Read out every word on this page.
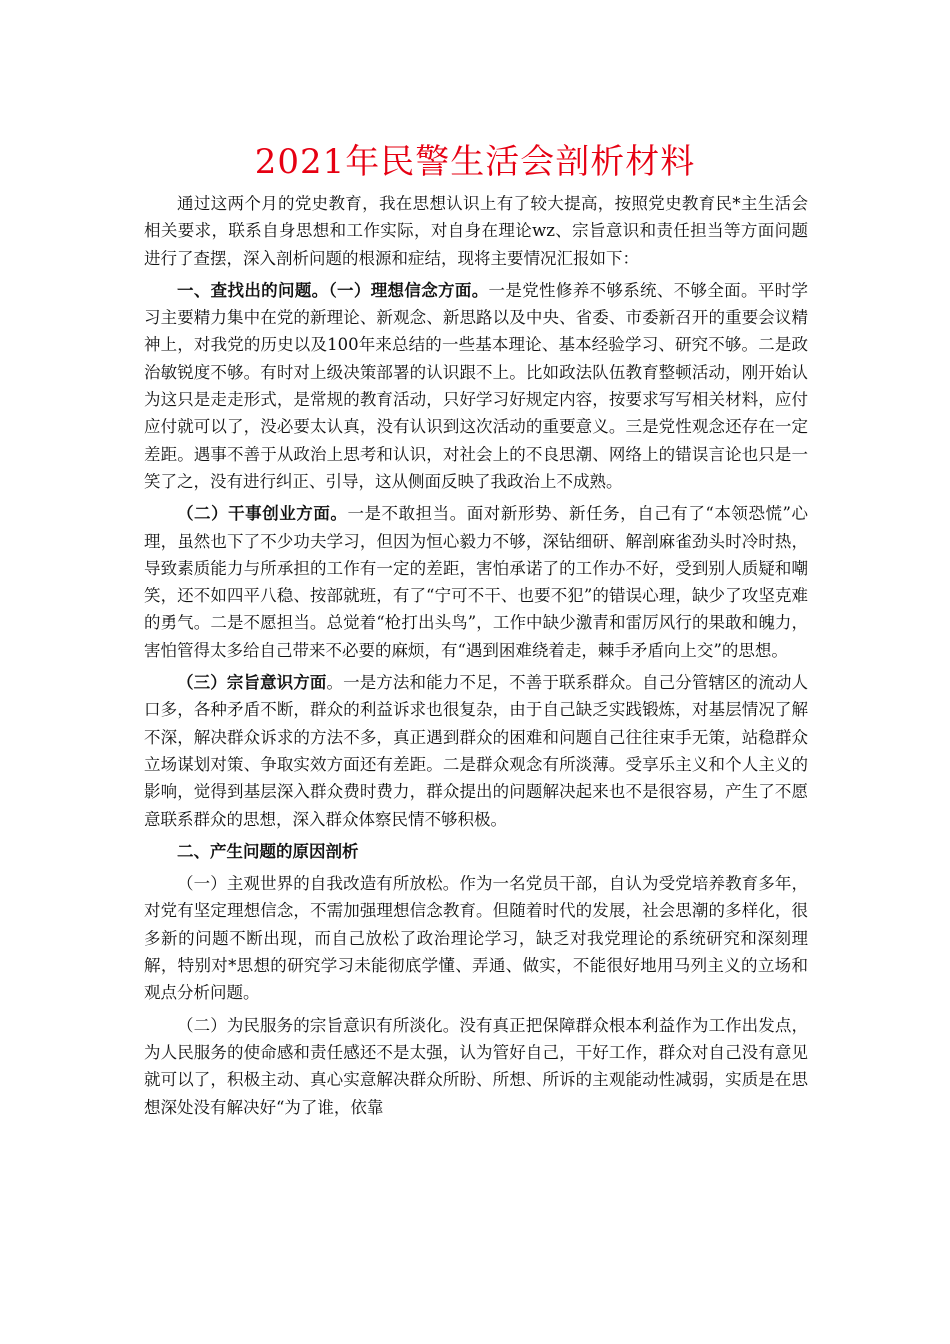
2021年民警生活会剖析材料

通过这两个月的党史教育，我在思想认识上有了较大提高，按照党史教育民*主生活会相关要求，联系自身思想和工作实际，对自身在理论wz、宗旨意识和责任担当等方面问题进行了查摆，深入剖析问题的根源和症结，现将主要情况汇报如下：

一、查找出的问题。（一）理想信念方面。一是党性修养不够系统、不够全面。平时学习主要精力集中在党的新理论、新观念、新思路以及中央、省委、市委新召开的重要会议精神上，对我党的历史以及100年来总结的一些基本理论、基本经验学习、研究不够。二是政治敏锐度不够。有时对上级决策部署的认识跟不上。比如政法队伍教育整顿活动，刚开始认为这只是走走形式，是常规的教育活动，只好学习好规定内容，按要求写写相关材料，应付应付就可以了，没必要太认真，没有认识到这次活动的重要意义。三是党性观念还存在一定差距。遇事不善于从政治上思考和认识，对社会上的不良思潮、网络上的错误言论也只是一笑了之，没有进行纠正、引导，这从侧面反映了我政治上不成熟。

（二）干事创业方面。一是不敢担当。面对新形势、新任务，自己有了“本领恐慌”心理，虽然也下了不少功夫学习，但因为恒心毅力不够，深钻细研、解剖麻雀劲头时冷时热，导致素质能力与所承担的工作有一定的差距，害怕承诺了的工作办不好，受到别人质疑和嘲笑，还不如四平八稳、按部就班，有了“宁可不干、也要不犯”的错误心理，缺少了攻坚克难的勇气。二是不愿担当。总觉着“枪打出头鸟”，工作中缺少激青和雷厉风行的果敢和魄力，害怕管得太多给自己带来不必要的麻烦，有“遇到困难绕着走，棘手矛盾向上交”的思想。

（三）宗旨意识方面。一是方法和能力不足，不善于联系群众。自己分管辖区的流动人口多，各种矛盾不断，群众的利益诉求也很复杂，由于自己缺乏实践锻炼，对基层情况了解不深，解决群众诉求的方法不多，真正遇到群众的困难和问题自己往往束手无策，站稳群众立场谋划对策、争取实效方面还有差距。二是群众观念有所淡薄。受享乐主义和个人主义的影响，觉得到基层深入群众费时费力，群众提出的问题解决起来也不是很容易，产生了不愿意联系群众的思想，深入群众体察民情不够积极。

二、产生问题的原因剖析

（一）主观世界的自我改造有所放松。作为一名党员干部，自认为受党培养教育多年，对党有坚定理想信念，不需加强理想信念教育。但随着时代的发展，社会思潮的多样化，很多新的问题不断出现，而自己放松了政治理论学习，缺乏对我党理论的系统研究和深刻理解，特别对*思想的研究学习未能彻底学懂、弄通、做实，不能很好地用马列主义的立场和观点分析问题。

（二）为民服务的宗旨意识有所淡化。没有真正把保障群众根本利益作为工作出发点，为人民服务的使命感和责任感还不是太强，认为管好自己，干好工作，群众对自己没有意见就可以了，积极主动、真心实意解决群众所盼、所想、所诉的主观能动性减弱，实质是在思想深处没有解决好“为了谁，依靠
